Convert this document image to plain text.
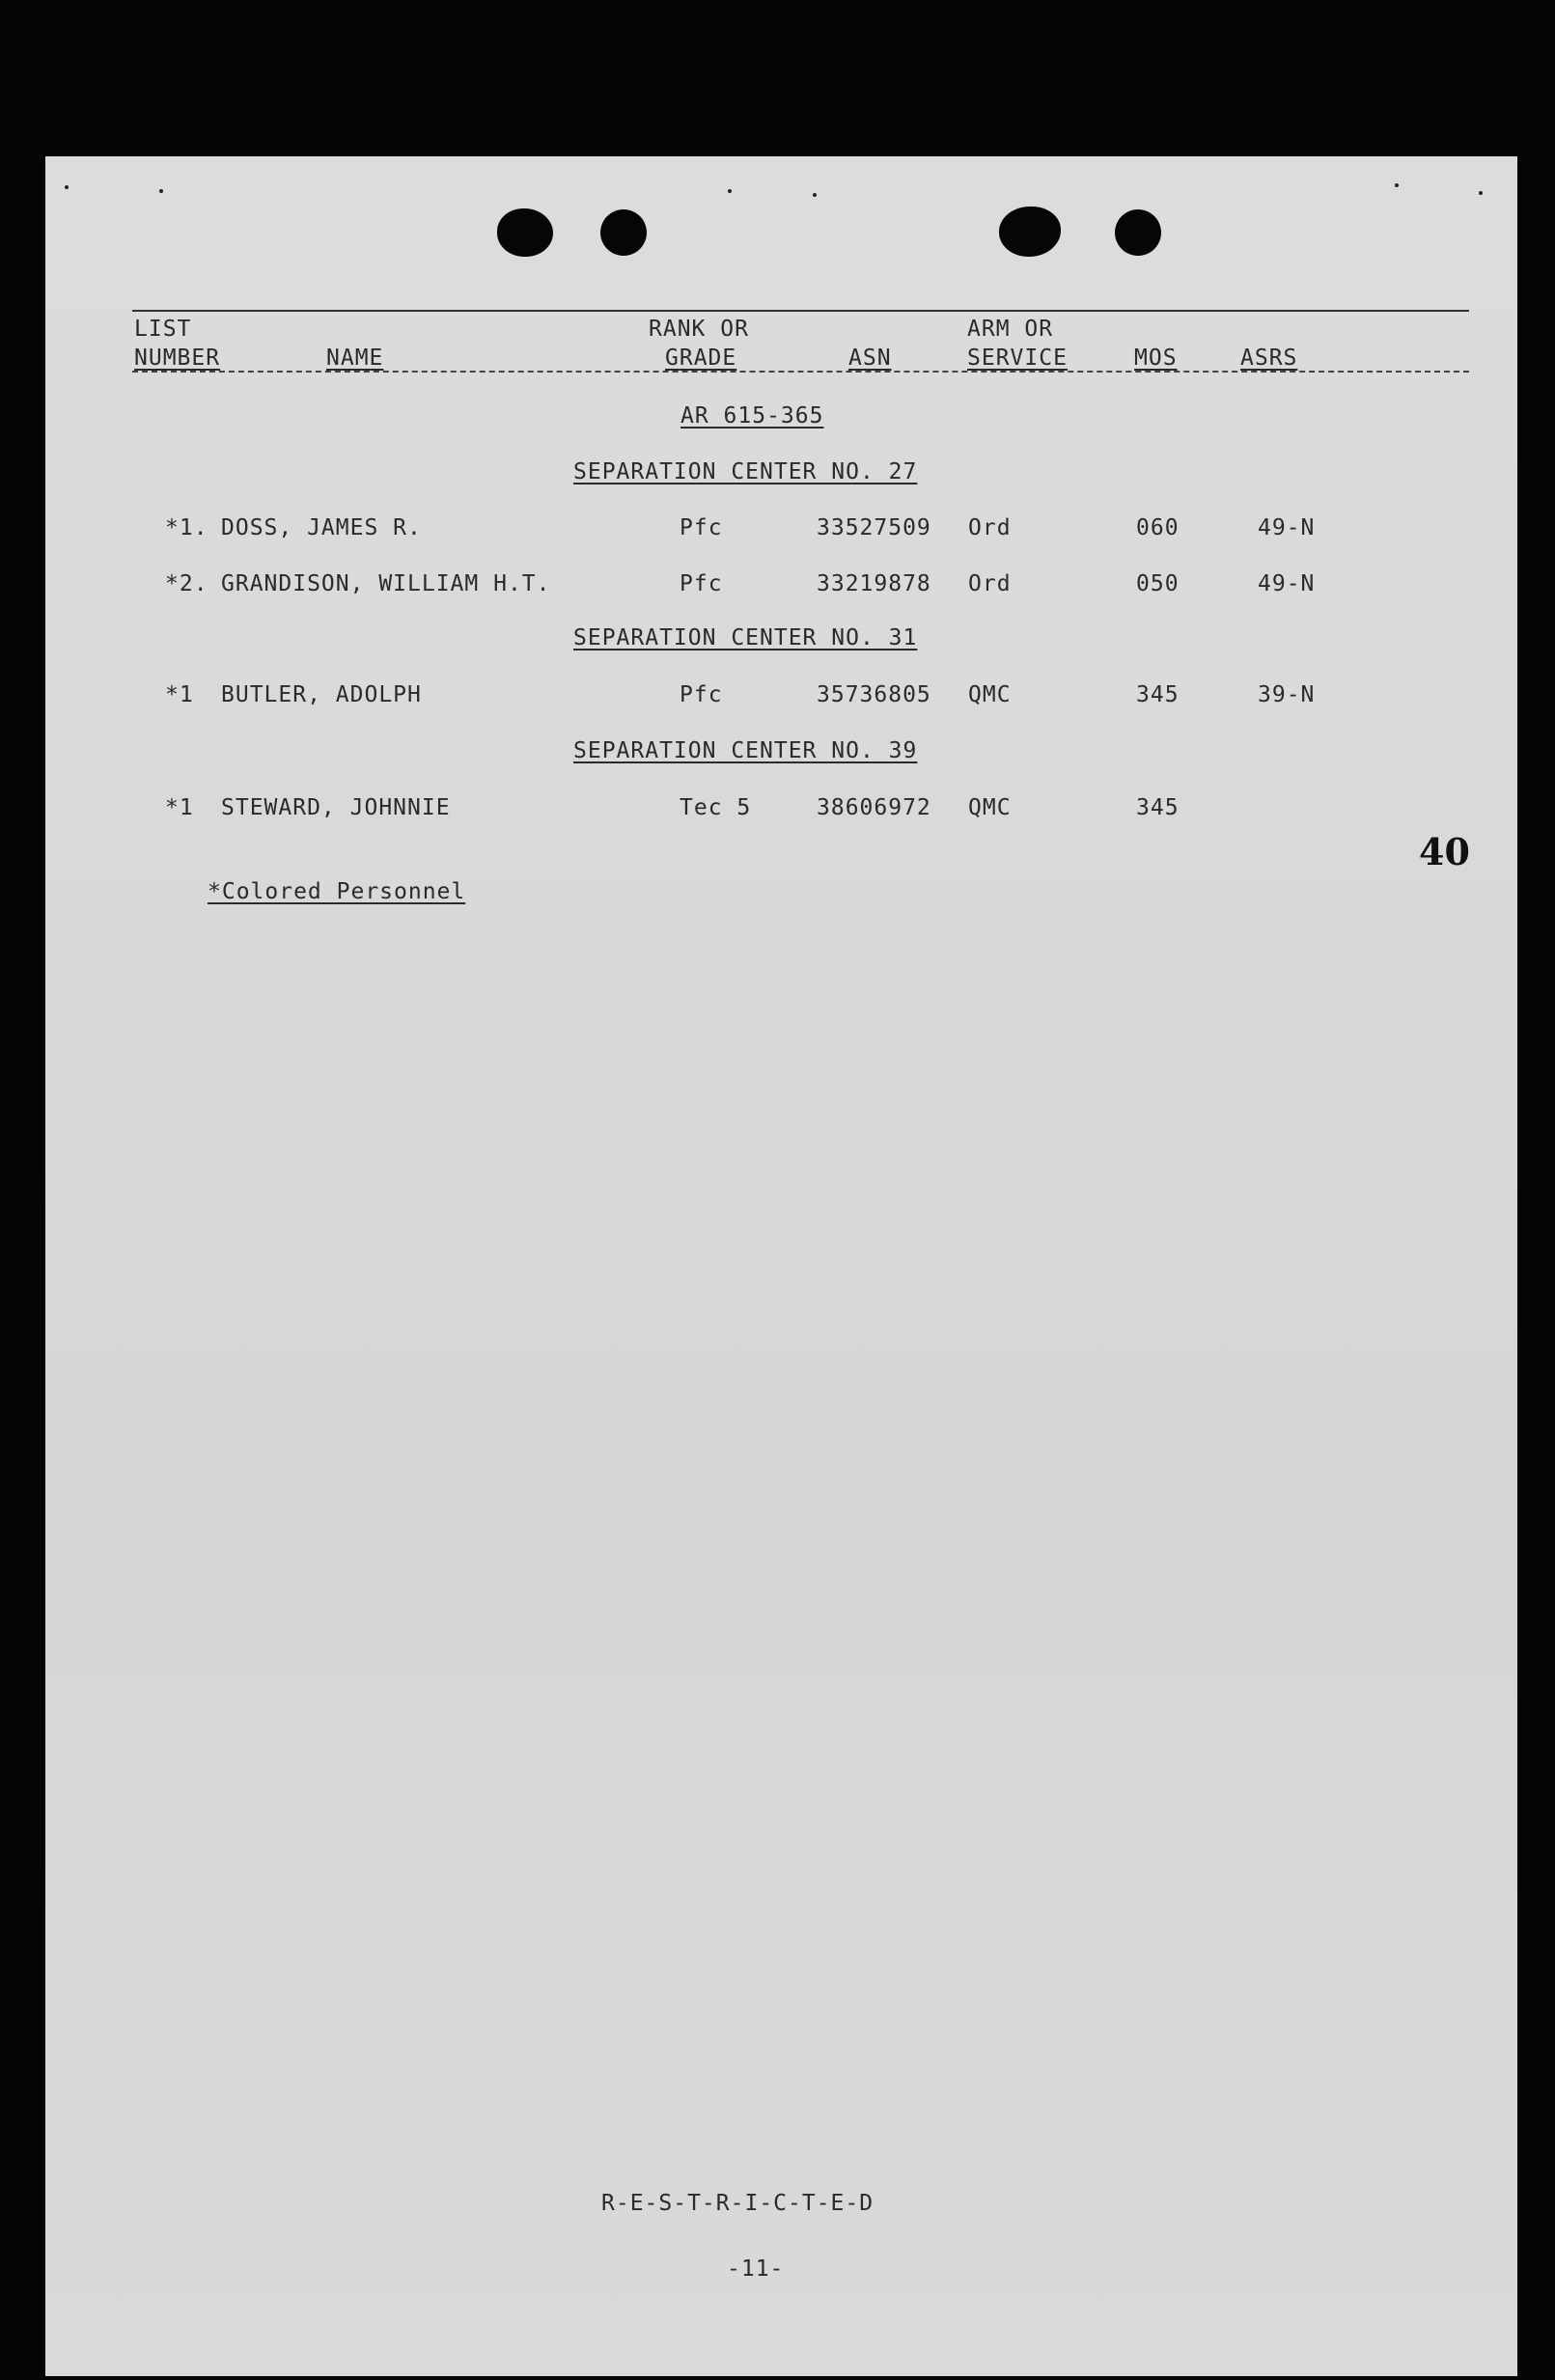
LIST
NUMBER	NAME
RANK OR
GRADE	ASN
ARM OR
SERVICE	MOS	ASRS
AR 615-365
SEPARATION CENTER NO. 27
*1. DOSS, JAMES R.	Pfc	33527509 Ord	060	49-N
*2. GRANDISON, WILLIAM H.T.	Pfc	33219878 Ord	050	49-N
SEPARATION CENTER NO. 31
*1 BUTLER, ADOLPH	Pfc	35736805 QMC	345	39-N
SEPARATION CENTER NO. 39
*1 STEWARD, JOHNNIE	Tec 5	38606972 QMC	345
40
*Colored Personnel
R-E-S-T-R-I-C-T-E-D
-11-
